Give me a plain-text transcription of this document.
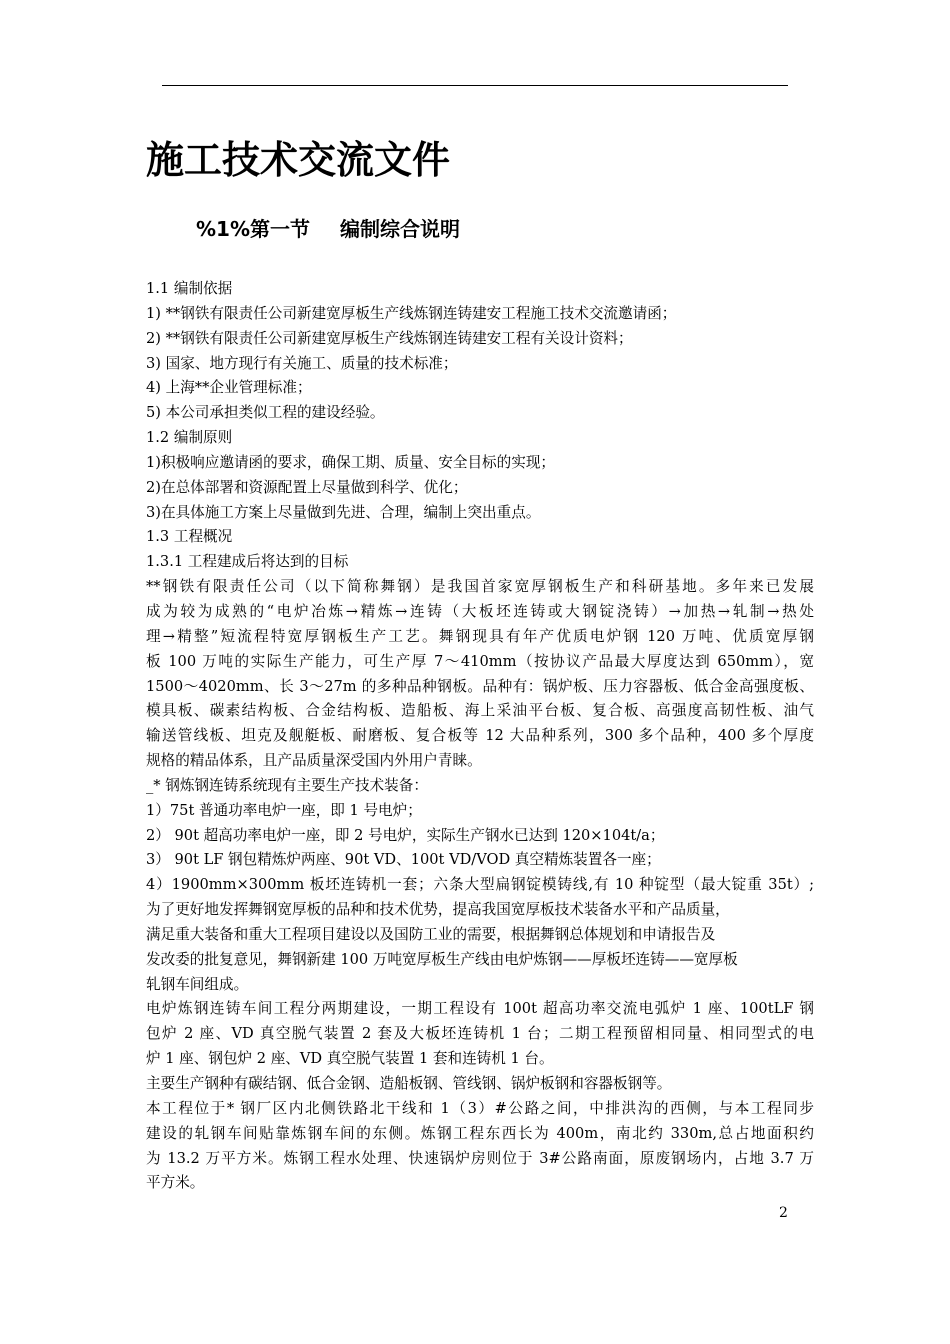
施工技术交流文件
%1%第一节 编制综合说明

1.1 编制依据

1) **钢铁有限责任公司新建宽厚板生产线炼钢连铸建安工程施工技术交流邀请函；

2) **钢铁有限责任公司新建宽厚板生产线炼钢连铸建安工程有关设计资料；

3) 国家、地方现行有关施工、质量的技术标准；

4) 上海**企业管理标准；

5) 本公司承担类似工程的建设经验。

1.2 编制原则

1)积极响应邀请函的要求，确保工期、质量、安全目标的实现；

2)在总体部署和资源配置上尽量做到科学、优化；

3)在具体施工方案上尽量做到先进、合理，编制上突出重点。

1.3 工程概况

1.3.1 工程建成后将达到的目标

**钢铁有限责任公司（以下简称舞钢）是我国首家宽厚钢板生产和科研基地。多年来已发展

成为较为成熟的“电炉冶炼→精炼→连铸（大板坯连铸或大钢锭浇铸）→加热→轧制→热处

理→精整”短流程特宽厚钢板生产工艺。舞钢现具有年产优质电炉钢 120 万吨、优质宽厚钢

板 100 万吨的实际生产能力，可生产厚 7～410mm（按协议产品最大厚度达到 650mm），宽

1500～4020mm、长 3～27m 的多种品种钢板。品种有：锅炉板、压力容器板、低合金高强度板、

模具板、碳素结构板、合金结构板、造船板、海上采油平台板、复合板、高强度高韧性板、油气

输送管线板、坦克及舰艇板、耐磨板、复合板等 12 大品种系列，300 多个品种，400 多个厚度

规格的精品体系，且产品质量深受国内外用户青睐。

_* 钢炼钢连铸系统现有主要生产技术装备：

1）75t 普通功率电炉一座，即 1 号电炉；

2） 90t 超高功率电炉一座，即 2 号电炉，实际生产钢水已达到 120×104t/a；

3） 90t LF 钢包精炼炉两座、90t VD、100t VD/VOD 真空精炼装置各一座；

4）1900mm×300mm 板坯连铸机一套；六条大型扁钢锭模铸线,有 10 种锭型（最大锭重 35t）;

为了更好地发挥舞钢宽厚板的品种和技术优势，提高我国宽厚板技术装备水平和产品质量，

满足重大装备和重大工程项目建设以及国防工业的需要，根据舞钢总体规划和申请报告及

发改委的批复意见，舞钢新建 100 万吨宽厚板生产线由电炉炼钢——厚板坯连铸——宽厚板

轧钢车间组成。

电炉炼钢连铸车间工程分两期建设，一期工程设有 100t 超高功率交流电弧炉 1 座、100tLF 钢

包炉 2 座、VD 真空脱气装置 2 套及大板坯连铸机 1 台；二期工程预留相同量、相同型式的电

炉 1 座、钢包炉 2 座、VD 真空脱气装置 1 套和连铸机 1 台。

主要生产钢种有碳结钢、低合金钢、造船板钢、管线钢、锅炉板钢和容器板钢等。

本工程位于* 钢厂区内北侧铁路北干线和 1（3）#公路之间，中排洪沟的西侧，与本工程同步

建设的轧钢车间贴靠炼钢车间的东侧。炼钢工程东西长为 400m，南北约 330m,总占地面积约

为 13.2 万平方米。炼钢工程水处理、快速锅炉房则位于 3#公路南面，原废钢场内，占地 3.7 万

平方米。

2
